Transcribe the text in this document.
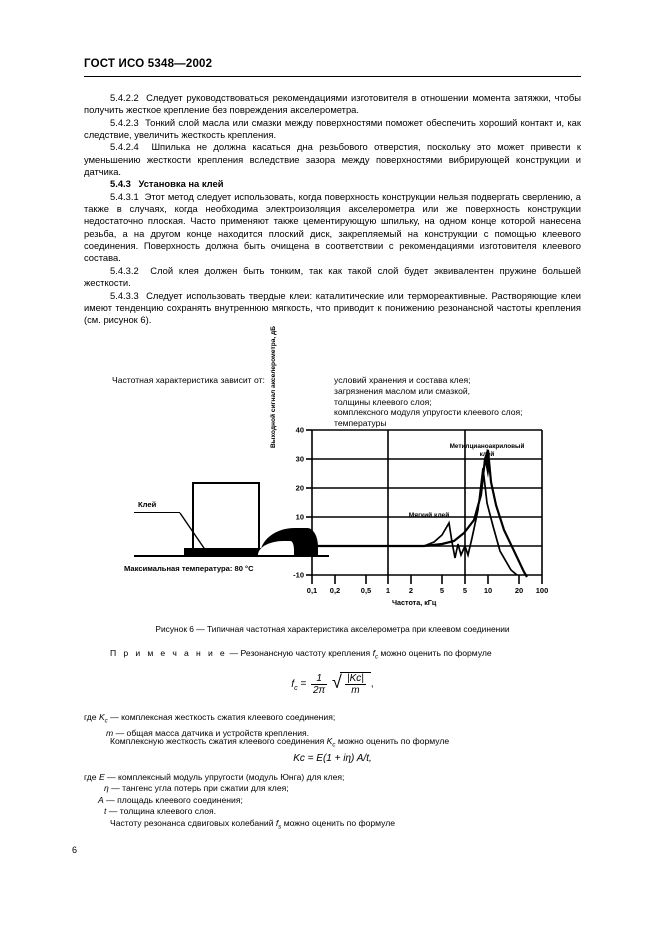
ГОСТ ИСО 5348—2002

5.4.2.2 Следует руководствоваться рекомендациями изготовителя в отношении момента затяжки, чтобы получить жесткое крепление без повреждения акселерометра.

5.4.2.3 Тонкий слой масла или смазки между поверхностями поможет обеспечить хороший контакт и, как следствие, увеличить жесткость крепления.

5.4.2.4 Шпилька не должна касаться дна резьбового отверстия, поскольку это может привести к уменьшению жесткости крепления вследствие зазора между поверхностями вибрирующей конструкции и датчика.

5.4.3 Установка на клей

5.4.3.1 Этот метод следует использовать, когда поверхность конструкции нельзя подвергать сверлению, а также в случаях, когда необходима электроизоляция акселерометра или же поверхность конструкции недостаточно плоская. Часто применяют также цементирующую шпильку, на одном конце которой нанесена резьба, а на другом конце находится плоский диск, закрепляемый на конструкции с помощью клеевого соединения. Поверхность должна быть очищена в соответствии с рекомендациями изготовителя клеевого состава.

5.4.3.2 Слой клея должен быть тонким, так как такой слой будет эквивалентен пружине большей жесткости.

5.4.3.3 Следует использовать твердые клеи: каталитические или термореактивные. Растворяющие клеи имеют тенденцию сохранять внутреннюю мягкость, что приводит к понижению резонансной частоты крепления (см. рисунок 6).

Частотная характеристика зависит от:	условий хранения и состава клея;
загрязнения маслом или смазкой,
толщины клеевого слоя;
комплексного модуля упругости клеевого слоя;
температуры
Клей
Максимальная температура: 80 °C
Выходной сигнал акселерометра, дБ
Частота, кГц
40
30
20
10
0
-10
0,1 0,2	0,5 1	2	5	5 10	20 100
Метилцианоакриловый
клей
Мягкий клей
Рисунок 6 — Типичная частотная характеристика акселерометра при клеевом соединении
П р и м е ч а н и е — Резонансную частоту крепления $f_с$ можно оценить по формуле
$f_с = \frac{1}{2\pi}$
√ $\frac{|Kc|}{m}$ ,
где $K_c$ — комплексная жесткость сжатия клеевого соединения;
m — общая масса датчика и устройств крепления.
Комплексную жесткость сжатия клеевого соединения $K_c$ можно оценить по формуле
Kc = E(1 + iη) A/t,
где E — комплексный модуль упругости (модуль Юнга) для клея;
η — тангенс угла потерь при сжатии для клея;
A — площадь клеевого соединения;
t — толщина клеевого слоя.
Частоту резонанса сдвиговых колебаний $f_s$ можно оценить по формуле
6
